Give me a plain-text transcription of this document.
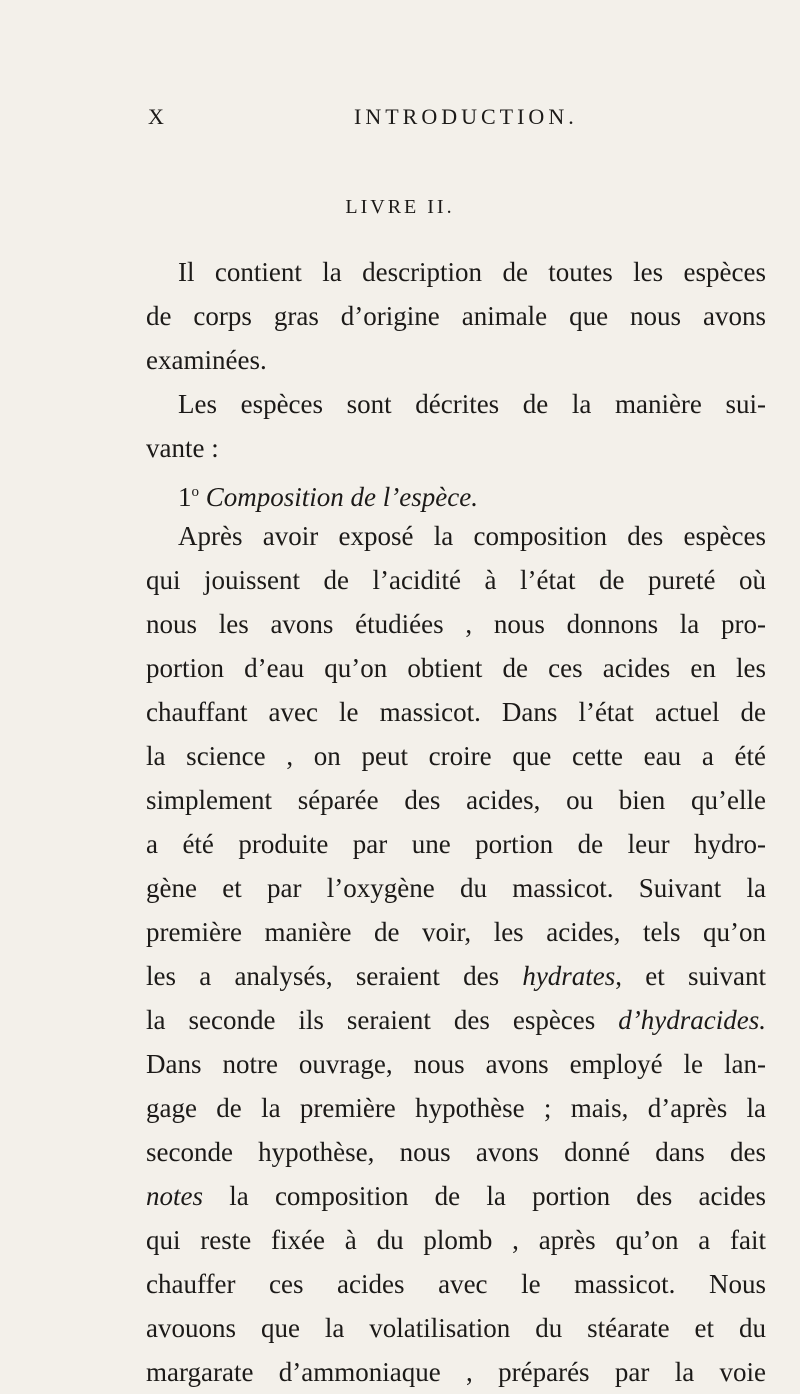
X	INTRODUCTION.
LIVRE II.
Il contient la description de toutes les espèces
de corps gras d’origine animale que nous avons
examinées.
Les espèces sont décrites de la manière sui-
vante :
1$^o$ Composition de l’espèce.
Après avoir exposé la composition des espèces
qui jouissent de l’acidité à l’état de pureté où
nous les avons étudiées , nous donnons la pro-
portion d’eau qu’on obtient de ces acides en les
chauffant avec le massicot. Dans l’état actuel de
la science , on peut croire que cette eau a été
simplement séparée des acides, ou bien qu’elle
a été produite par une portion de leur hydro-
gène et par l’oxygène du massicot. Suivant la
première manière de voir, les acides, tels qu’on
les a analysés, seraient des hydrates, et suivant
la seconde ils seraient des espèces d’hydracides.
Dans notre ouvrage, nous avons employé le lan-
gage de la première hypothèse ; mais, d’après la
seconde hypothèse, nous avons donné dans des
notes la composition de la portion des acides
qui reste fixée à du plomb , après qu’on a fait
chauffer ces acides avec le massicot. Nous
avouons que la volatilisation du stéarate et du
margarate d’ammoniaque , préparés par la voie
